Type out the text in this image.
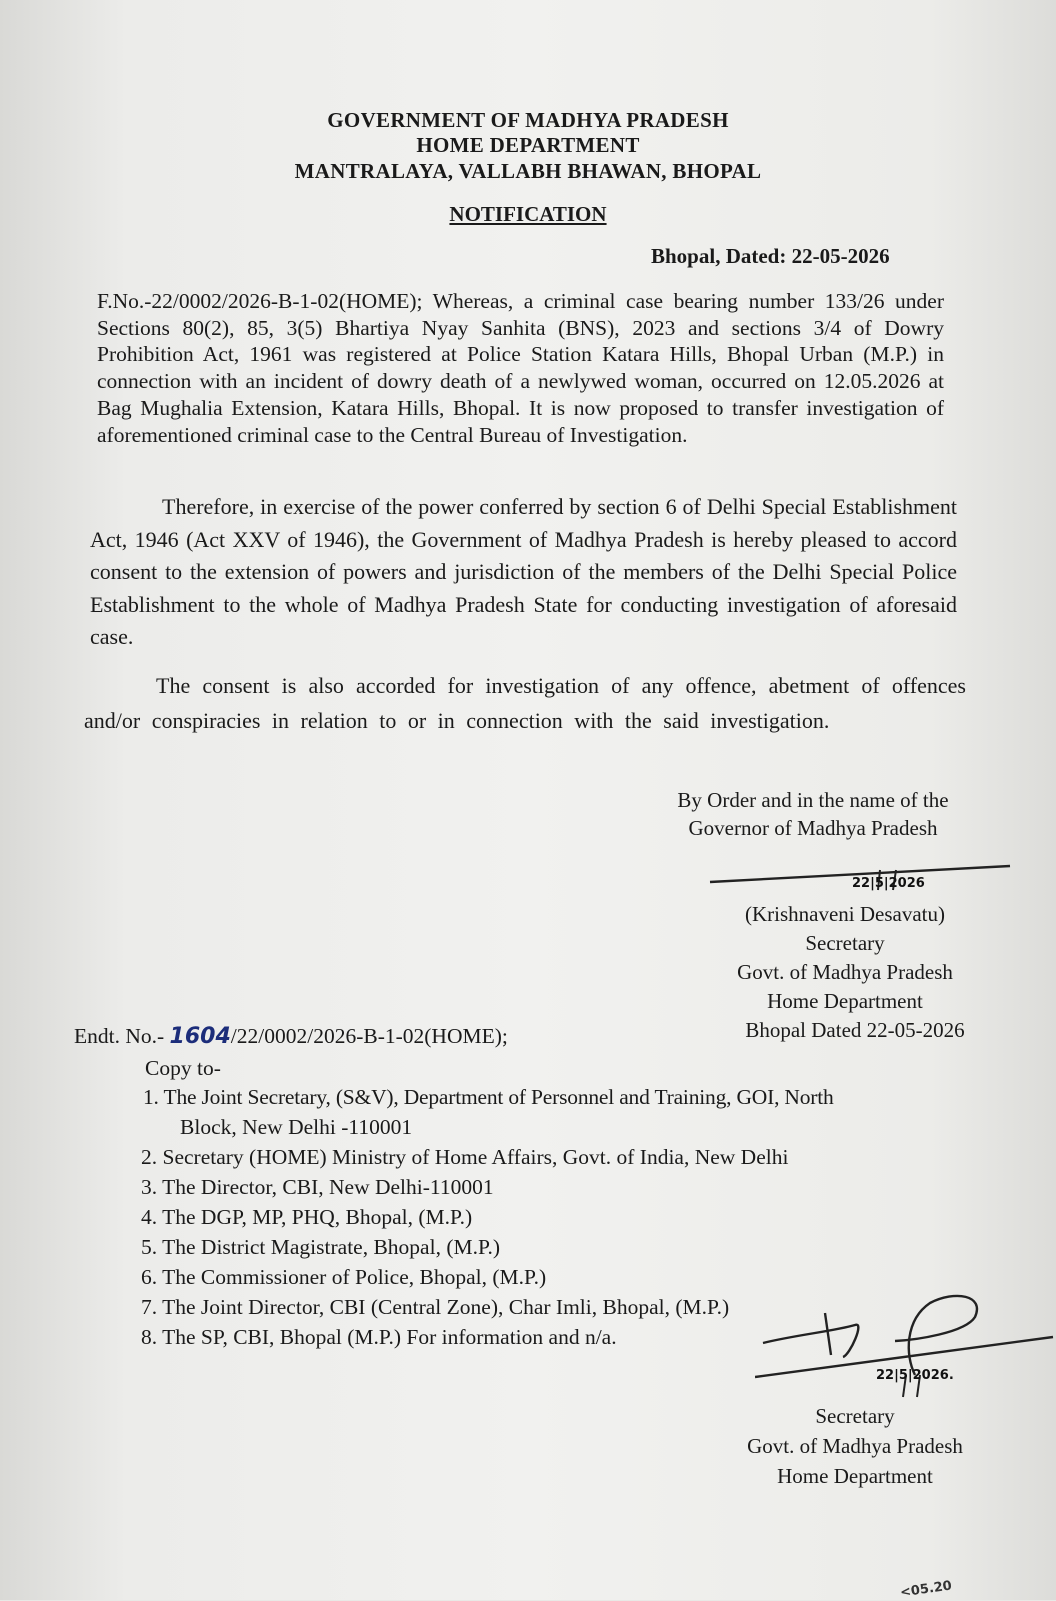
GOVERNMENT OF MADHYA PRADESH
HOME DEPARTMENT
MANTRALAYA, VALLABH BHAWAN, BHOPAL
NOTIFICATION
Bhopal, Dated: 22-05-2026
F.No.-22/0002/2026-B-1-02(HOME); Whereas, a criminal case bearing number 133/26 under Sections 80(2), 85, 3(5) Bhartiya Nyay Sanhita (BNS), 2023 and sections 3/4 of Dowry Prohibition Act, 1961 was registered at Police Station Katara Hills, Bhopal Urban (M.P.) in connection with an incident of dowry death of a newlywed woman, occurred on 12.05.2026 at Bag Mughalia Extension, Katara Hills, Bhopal. It is now proposed to transfer investigation of aforementioned criminal case to the Central Bureau of Investigation.
Therefore, in exercise of the power conferred by section 6 of Delhi Special Establishment Act, 1946 (Act XXV of 1946), the Government of Madhya Pradesh is hereby pleased to accord consent to the extension of powers and jurisdiction of the members of the Delhi Special Police Establishment to the whole of Madhya Pradesh State for conducting investigation of aforesaid case.
The consent is also accorded for investigation of any offence, abetment of offences and/or conspiracies in relation to or in connection with the said investigation.
By Order and in the name of the
Governor of Madhya Pradesh
22|5|2026
(Krishnaveni Desavatu)
Secretary
Govt. of Madhya Pradesh
Home Department
Bhopal Dated 22-05-2026
Endt. No.- 1604/22/0002/2026-B-1-02(HOME);
Copy to-
1. The Joint Secretary, (S&V), Department of Personnel and Training, GOI, North
Block, New Delhi -110001
2. Secretary (HOME) Ministry of Home Affairs, Govt. of India, New Delhi
3. The Director, CBI, New Delhi-110001
4. The DGP, MP, PHQ, Bhopal, (M.P.)
5. The District Magistrate, Bhopal, (M.P.)
6. The Commissioner of Police, Bhopal, (M.P.)
7. The Joint Director, CBI (Central Zone), Char Imli, Bhopal, (M.P.)
8. The SP, CBI, Bhopal (M.P.) For information and n/a.
22|5|2026.
Secretary
Govt. of Madhya Pradesh
Home Department
<05.20
